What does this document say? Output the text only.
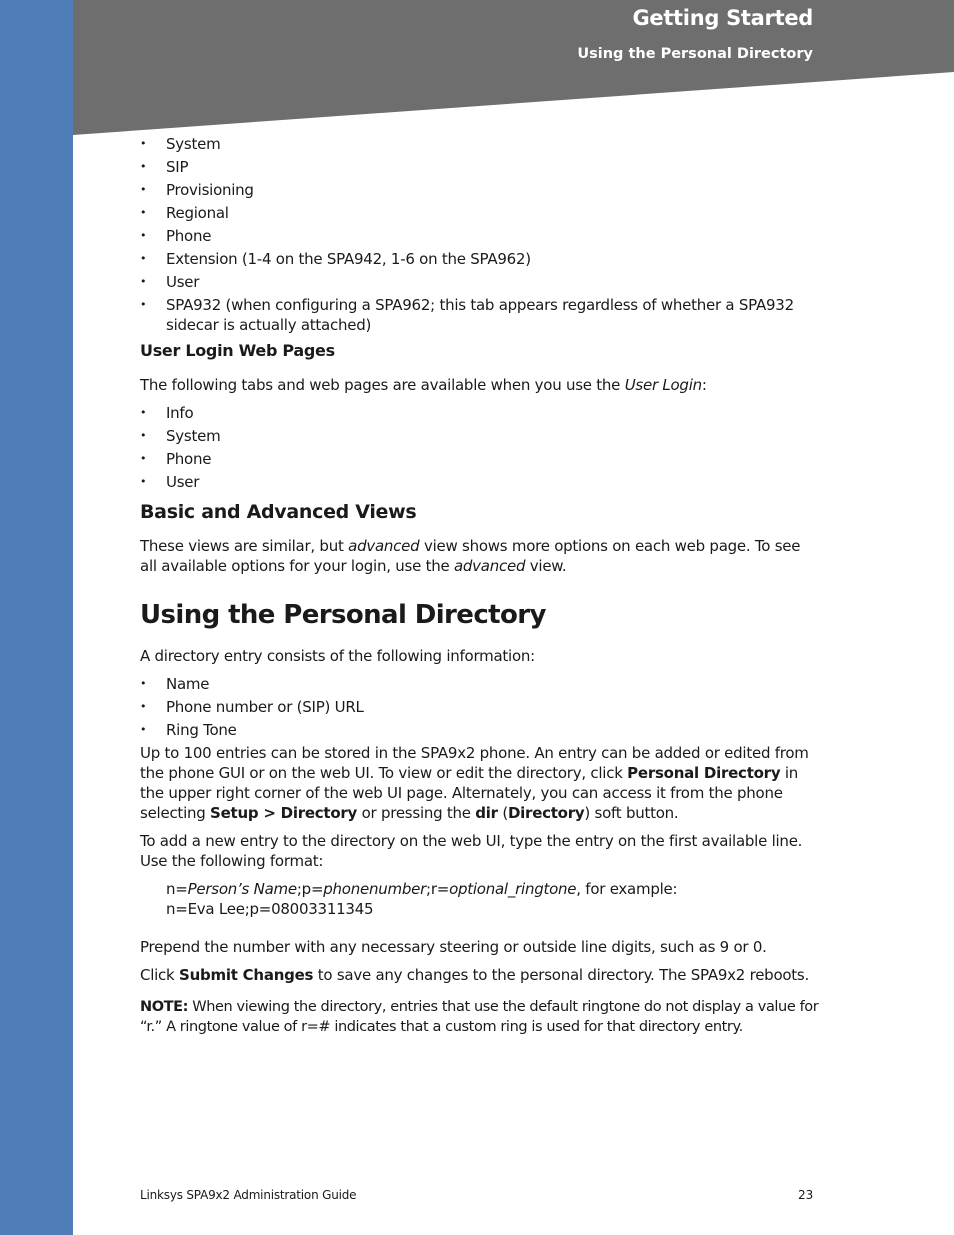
Getting Started
Using the Personal Directory
• System
• SIP
• Provisioning
• Regional
• Phone
• Extension (1-4 on the SPA942, 1-6 on the SPA962)
• User
• SPA932 (when configuring a SPA962; this tab appears regardless of whether a SPA932 sidecar is actually attached)
User Login Web Pages

The following tabs and web pages are available when you use the User Login:

• Info
• System
• Phone
• User
Basic and Advanced Views

These views are similar, but advanced view shows more options on each web page. To see all available options for your login, use the advanced view.

Using the Personal Directory

A directory entry consists of the following information:

• Name
• Phone number or (SIP) URL
• Ring Tone

Up to 100 entries can be stored in the SPA9x2 phone. An entry can be added or edited from the phone GUI or on the web UI. To view or edit the directory, click Personal Directory in the upper right corner of the web UI page. Alternately, you can access it from the phone selecting Setup > Directory or pressing the dir (Directory) soft button.

To add a new entry to the directory on the web UI, type the entry on the first available line. Use the following format:

n=Person’s Name;p=phonenumber;r=optional_ringtone, for example:
n=Eva Lee;p=08003311345

Prepend the number with any necessary steering or outside line digits, such as 9 or 0.

Click Submit Changes to save any changes to the personal directory. The SPA9x2 reboots.

NOTE: When viewing the directory, entries that use the default ringtone do not display a value for “r.” A ringtone value of r=# indicates that a custom ring is used for that directory entry.

Linksys SPA9x2 Administration Guide	23
